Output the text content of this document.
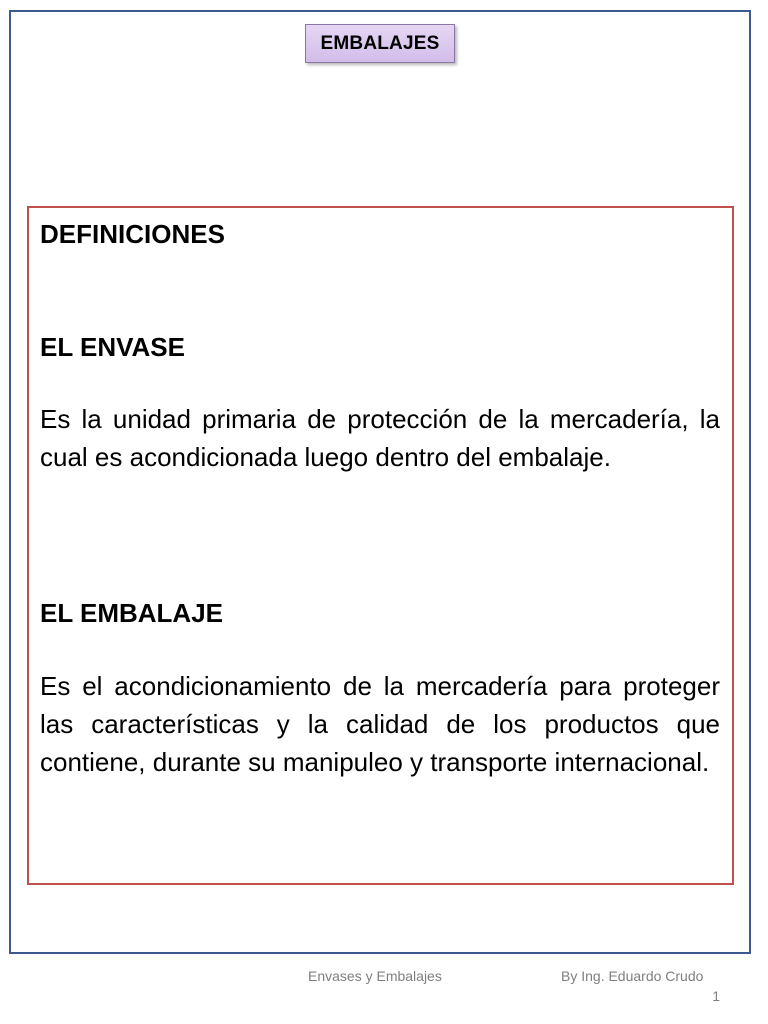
EMBALAJES

DEFINICIONES

EL ENVASE

Es la unidad primaria de protección de la mercadería, la cual es acondicionada luego dentro del embalaje.

EL EMBALAJE

Es el acondicionamiento de la mercadería para proteger las características y la calidad de los productos que contiene, durante su manipuleo y transporte internacional.

Envases y Embalajes	By Ing. Eduardo Crudo
1
